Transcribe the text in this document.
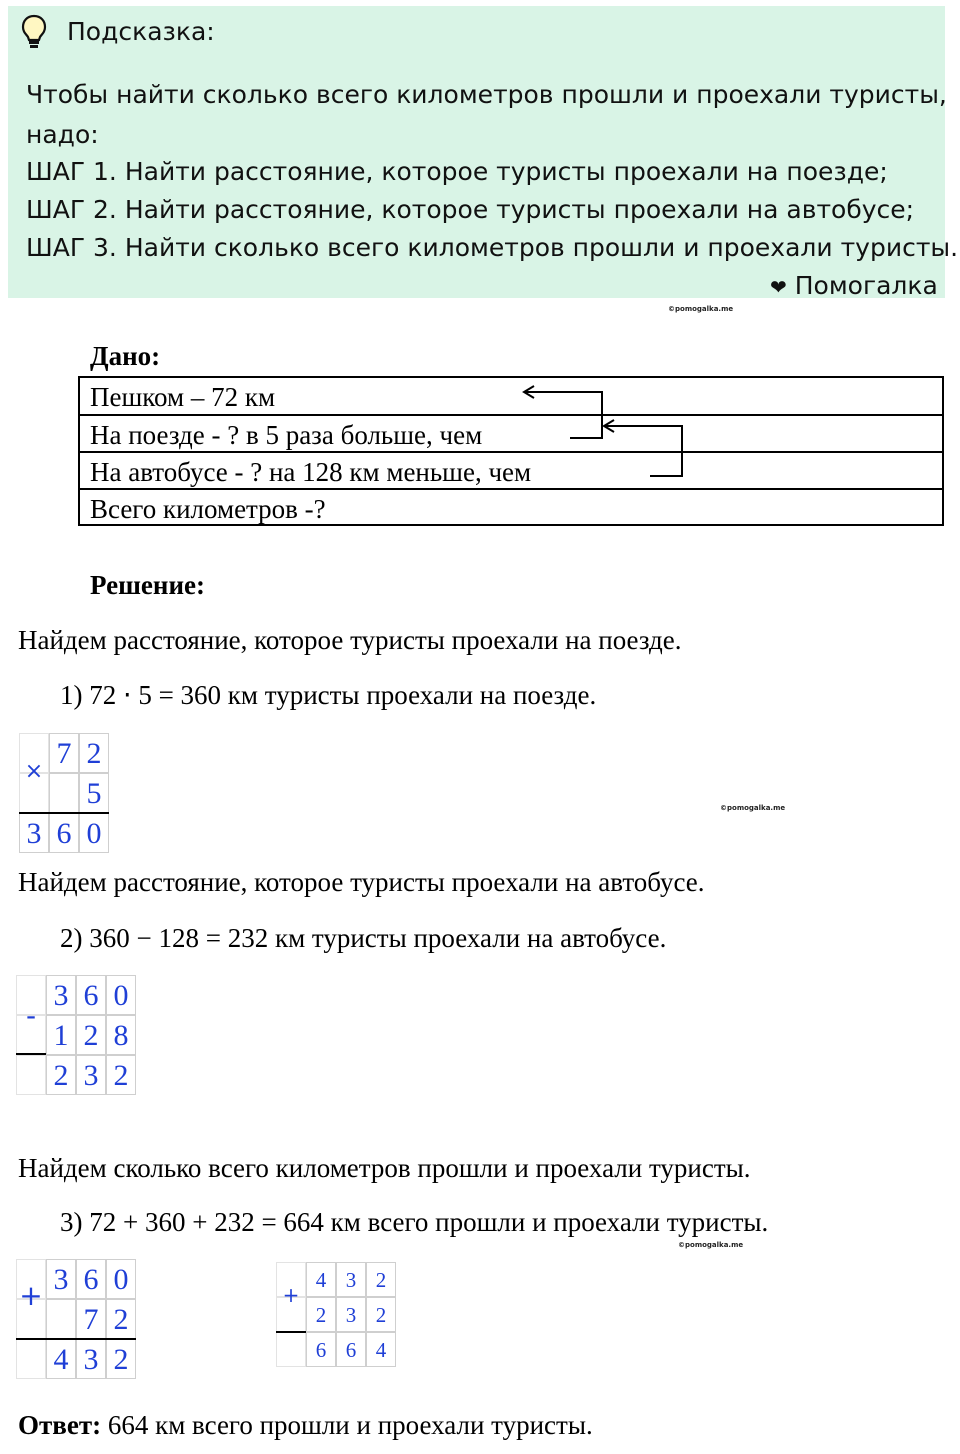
Подсказка:
Чтобы найти сколько всего километров прошли и проехали туристы,
надо:
ШАГ 1. Найти расстояние, которое туристы проехали на поезде;
ШАГ 2. Найти расстояние, которое туристы проехали на автобусе;
ШАГ 3. Найти сколько всего километров прошли и проехали туристы.
❤ Помогалка
©pomogalka.me
Дано:
Пешком – 72 км
На поезде - ? в 5 раза больше, чем
На автобусе - ? на 128 км меньше, чем
Всего километров -?
Решение:
Найдем расстояние, которое туристы проехали на поезде.
1) 72 ⋅ 5 = 360 км туристы проехали на поезде.
7 2
5
3 6 0
×
©pomogalka.me
Найдем расстояние, которое туристы проехали на автобусе.
2) 360 − 128 = 232 км туристы проехали на автобусе.
3 6 0
1 2 8
2 3 2
-
Найдем сколько всего километров прошли и проехали туристы.
3) 72 + 360 + 232 = 664 км всего прошли и проехали туристы.
©pomogalka.me
3 6 0
7 2
4 3 2
+	4 3 2
2 3 2
6 6 4
+
Ответ: 664 км всего прошли и проехали туристы.
